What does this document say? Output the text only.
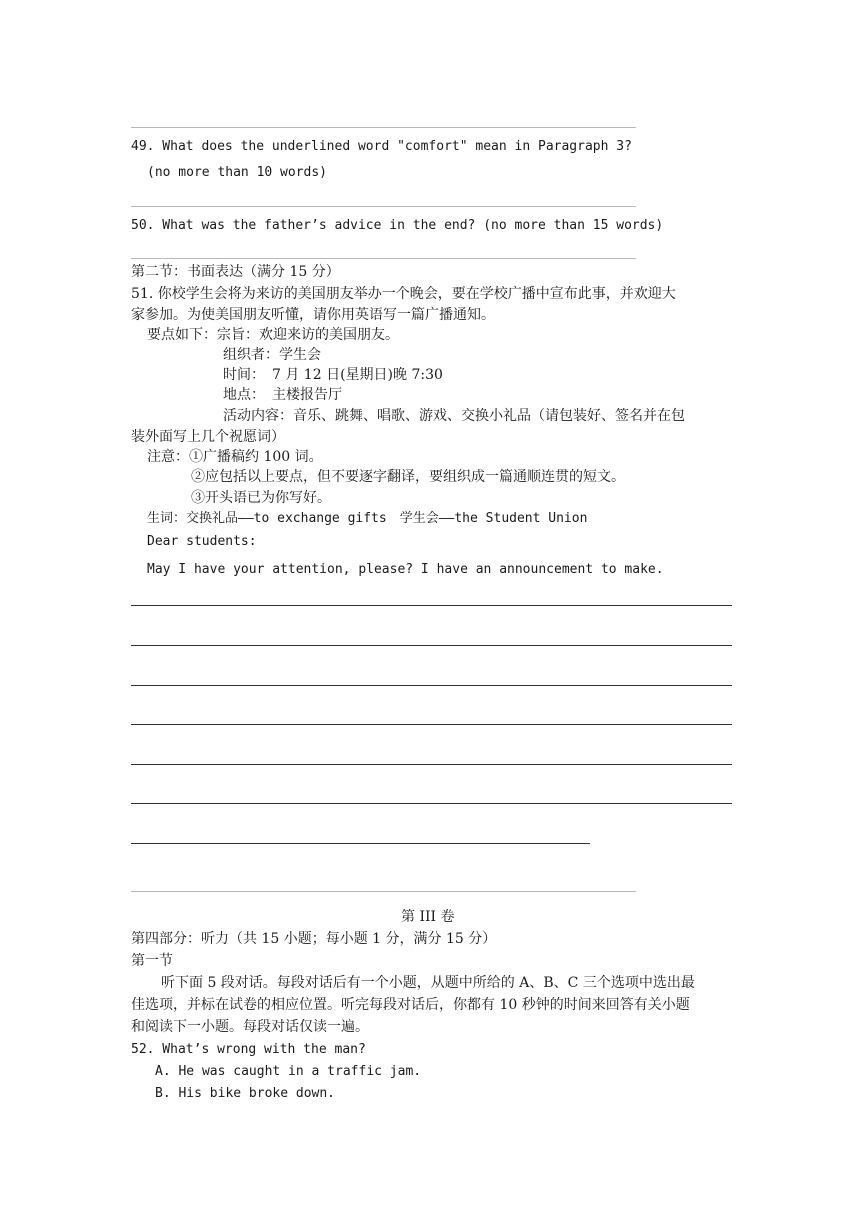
49. What does the underlined word "comfort" mean in Paragraph 3?
(no more than 10 words)
50. What was the father’s advice in the end? (no more than 15 words)
第二节：书面表达（满分 15 分）
51. 你校学生会将为来访的美国朋友举办一个晚会，要在学校广播中宣布此事，并欢迎大
家参加。为使美国朋友听懂，请你用英语写一篇广播通知。
要点如下：宗旨：欢迎来访的美国朋友。
组织者：学生会
时间：　7 月 12 日(星期日)晚 7:30
地点：　主楼报告厅
活动内容：音乐、跳舞、唱歌、游戏、交换小礼品（请包装好、签名并在包
装外面写上几个祝愿词）
注意：①广播稿约 100 词。
②应包括以上要点，但不要逐字翻译，要组织成一篇通顺连贯的短文。
③开头语已为你写好。
生词：交换礼品——to exchange gifts　学生会——the Student Union
Dear students:
May I have your attention, please? I have an announcement to make.
第 III 卷
第四部分：听力（共 15 小题；每小题 1 分，满分 15 分）
第一节
听下面 5 段对话。每段对话后有一个小题，从题中所给的 A、B、C 三个选项中选出最
佳选项，并标在试卷的相应位置。听完每段对话后，你都有 10 秒钟的时间来回答有关小题
和阅读下一小题。每段对话仅读一遍。
52. What’s wrong with the man?
A. He was caught in a traffic jam.
B. His bike broke down.
